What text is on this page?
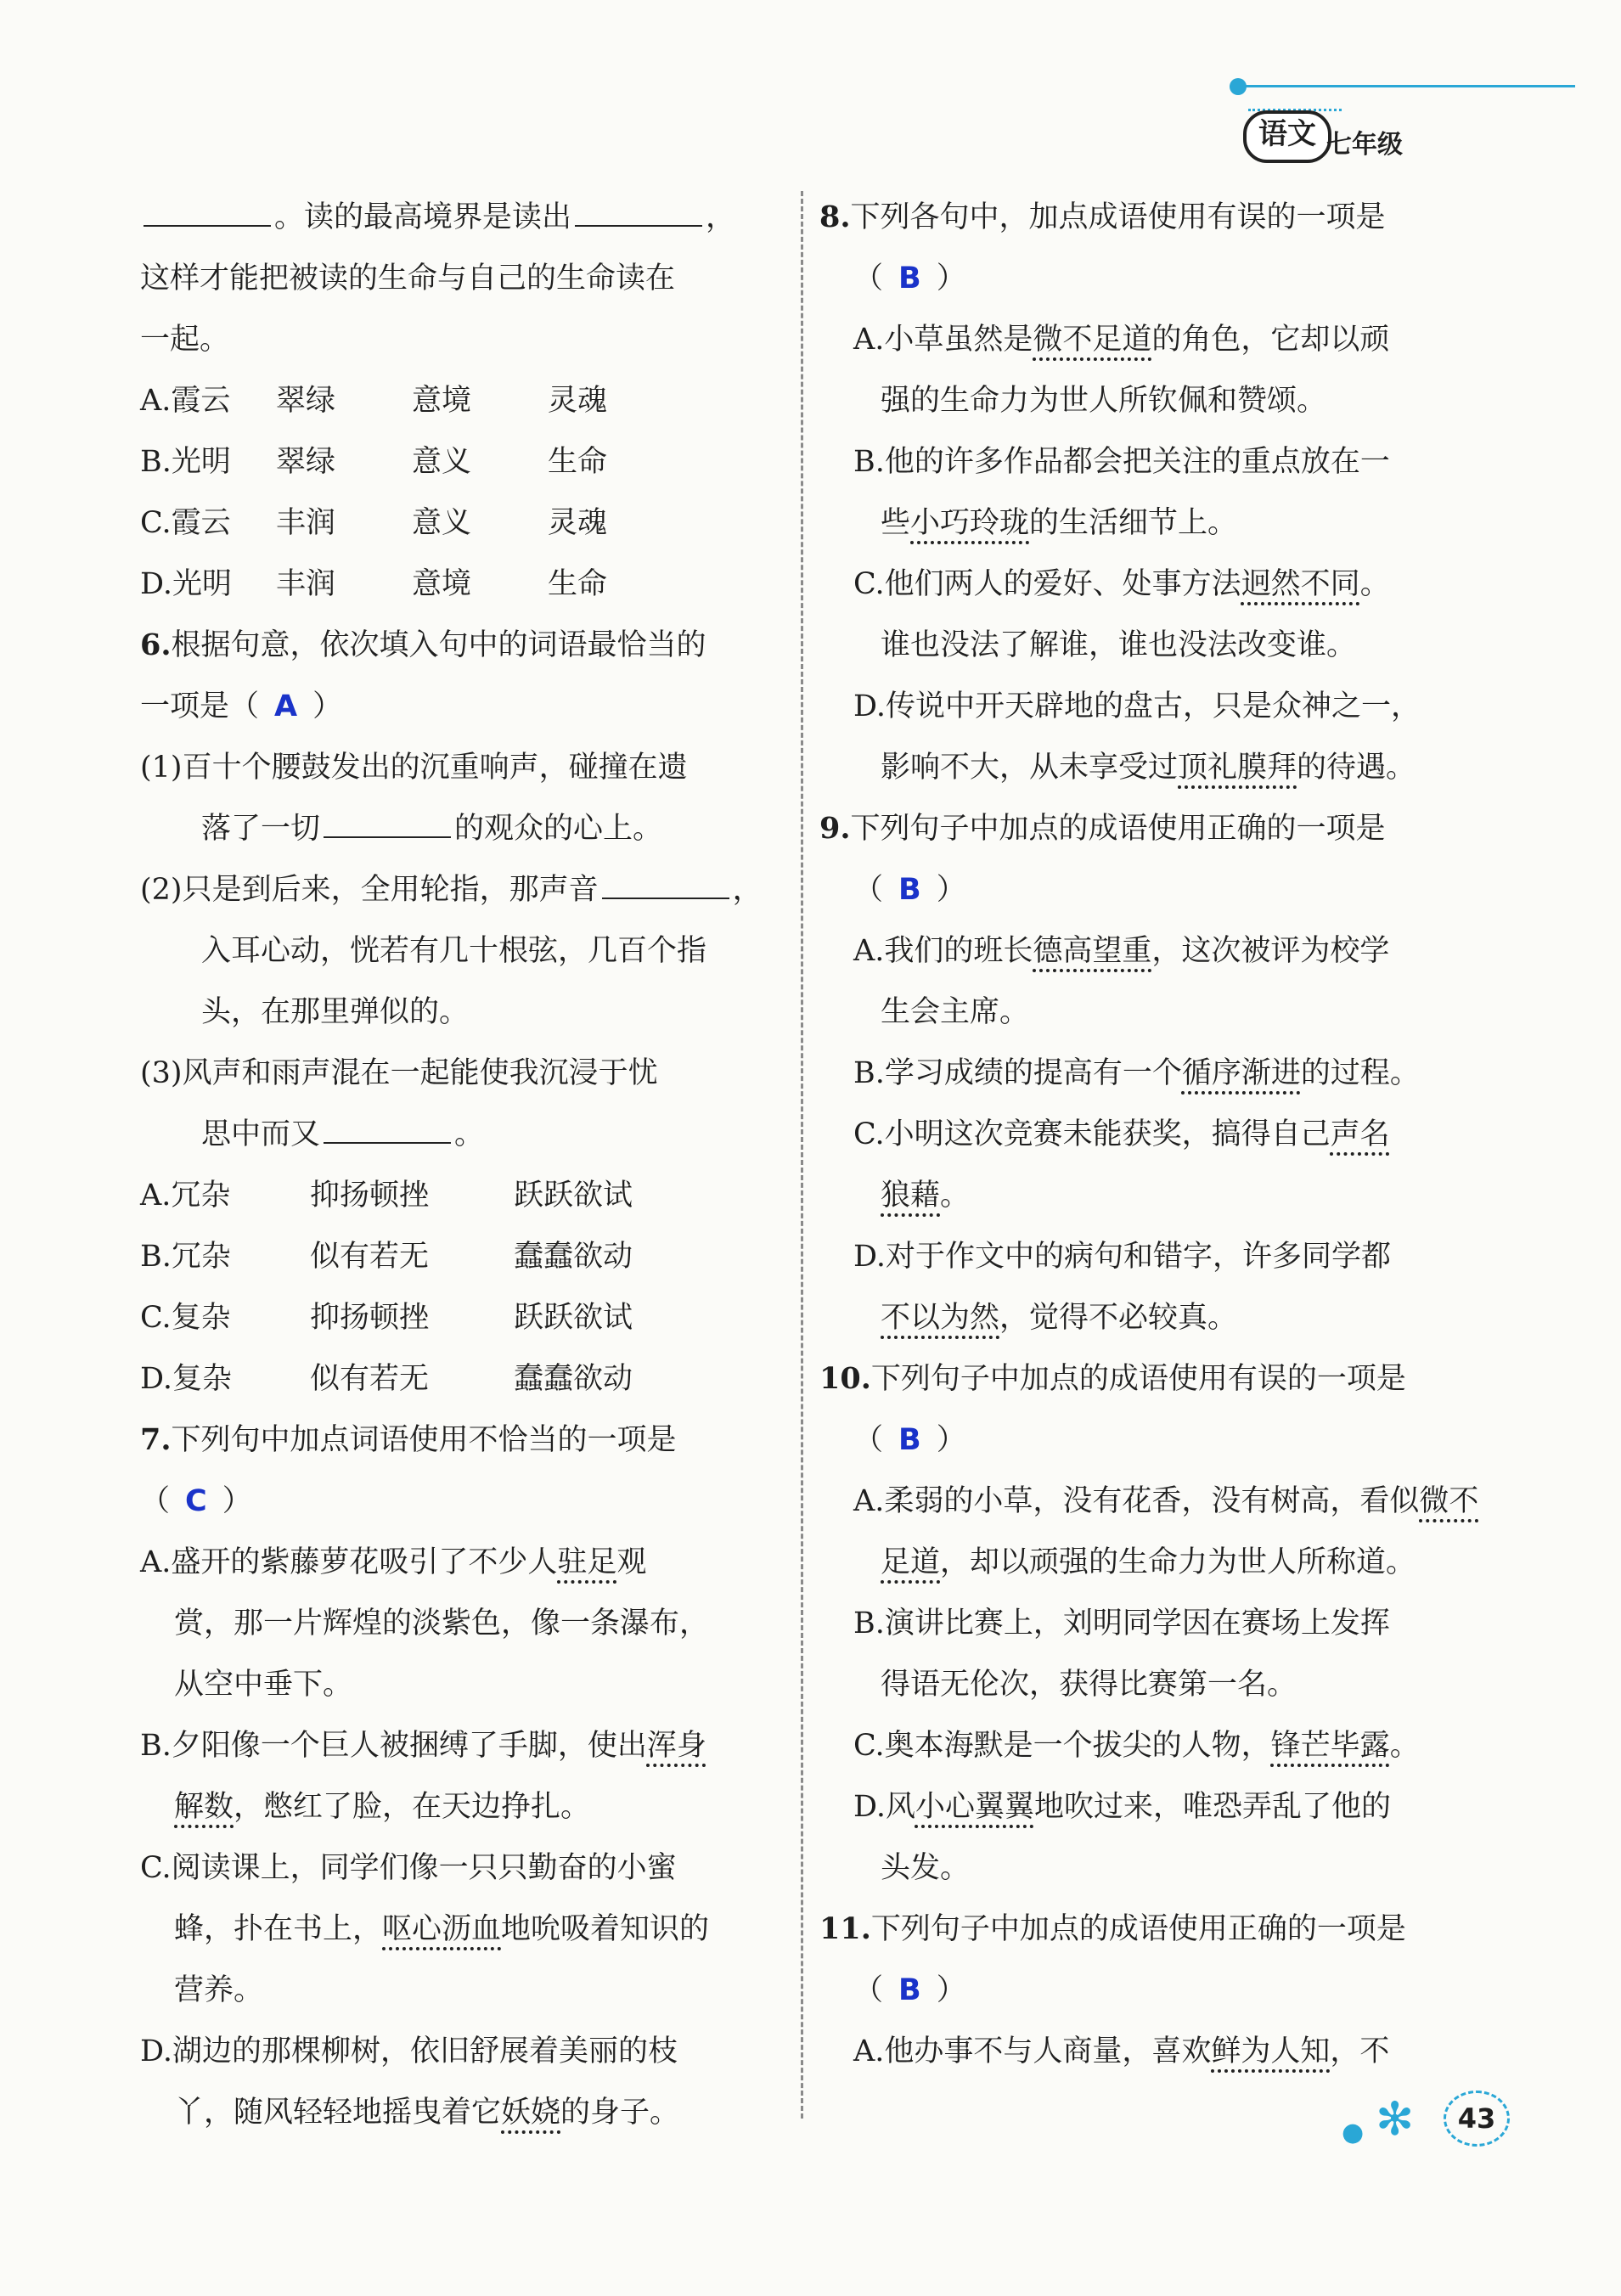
语文 七年级
。读的最高境界是读出	，
这样才能把被读的生命与自己的生命读在
一起。
A.霞云 翠绿	意境	灵魂
B.光明 翠绿	意义	生命
C.霞云 丰润	意义	灵魂
D.光明 丰润	意境	生命
6.根据句意，依次填入句中的词语最恰当的
一项是（ A ）
(1)百十个腰鼓发出的沉重响声，碰撞在遗
落了一切	的观众的心上。
(2)只是到后来，全用轮指，那声音	，
入耳心动，恍若有几十根弦，几百个指
头，在那里弹似的。
(3)风声和雨声混在一起能使我沉浸于忧
思中而又	。
A.冗杂	抑扬顿挫	跃跃欲试
B.冗杂	似有若无	蠢蠢欲动
C.复杂	抑扬顿挫	跃跃欲试
D.复杂	似有若无	蠢蠢欲动
7.下列句中加点词语使用不恰当的一项是
（ C ）
A.盛开的紫藤萝花吸引了不少人驻足观
赏，那一片辉煌的淡紫色，像一条瀑布，
从空中垂下。
B.夕阳像一个巨人被捆缚了手脚，使出浑身
解数，憋红了脸，在天边挣扎。
C.阅读课上，同学们像一只只勤奋的小蜜
蜂，扑在书上，呕心沥血地吮吸着知识的
营养。
D.湖边的那棵柳树，依旧舒展着美丽的枝
丫，随风轻轻地摇曳着它妖娆的身子。
8.下列各句中，加点成语使用有误的一项是
（ B ）
A.小草虽然是微不足道的角色，它却以顽
强的生命力为世人所钦佩和赞颂。
B.他的许多作品都会把关注的重点放在一
些小巧玲珑的生活细节上。
C.他们两人的爱好、处事方法迥然不同。
谁也没法了解谁，谁也没法改变谁。
D.传说中开天辟地的盘古，只是众神之一，
影响不大，从未享受过顶礼膜拜的待遇。
9.下列句子中加点的成语使用正确的一项是
（ B ）
A.我们的班长德高望重，这次被评为校学
生会主席。
B.学习成绩的提高有一个循序渐进的过程。
C.小明这次竞赛未能获奖，搞得自己声名
狼藉。
D.对于作文中的病句和错字，许多同学都
不以为然，觉得不必较真。
10.下列句子中加点的成语使用有误的一项是
（ B ）
A.柔弱的小草，没有花香，没有树高，看似微不
足道，却以顽强的生命力为世人所称道。
B.演讲比赛上，刘明同学因在赛场上发挥
得语无伦次，获得比赛第一名。
C.奥本海默是一个拔尖的人物，锋芒毕露。
D.风小心翼翼地吹过来，唯恐弄乱了他的
头发。
11.下列句子中加点的成语使用正确的一项是
（ B ）
A.他办事不与人商量，喜欢鲜为人知，不
● ✻	43
